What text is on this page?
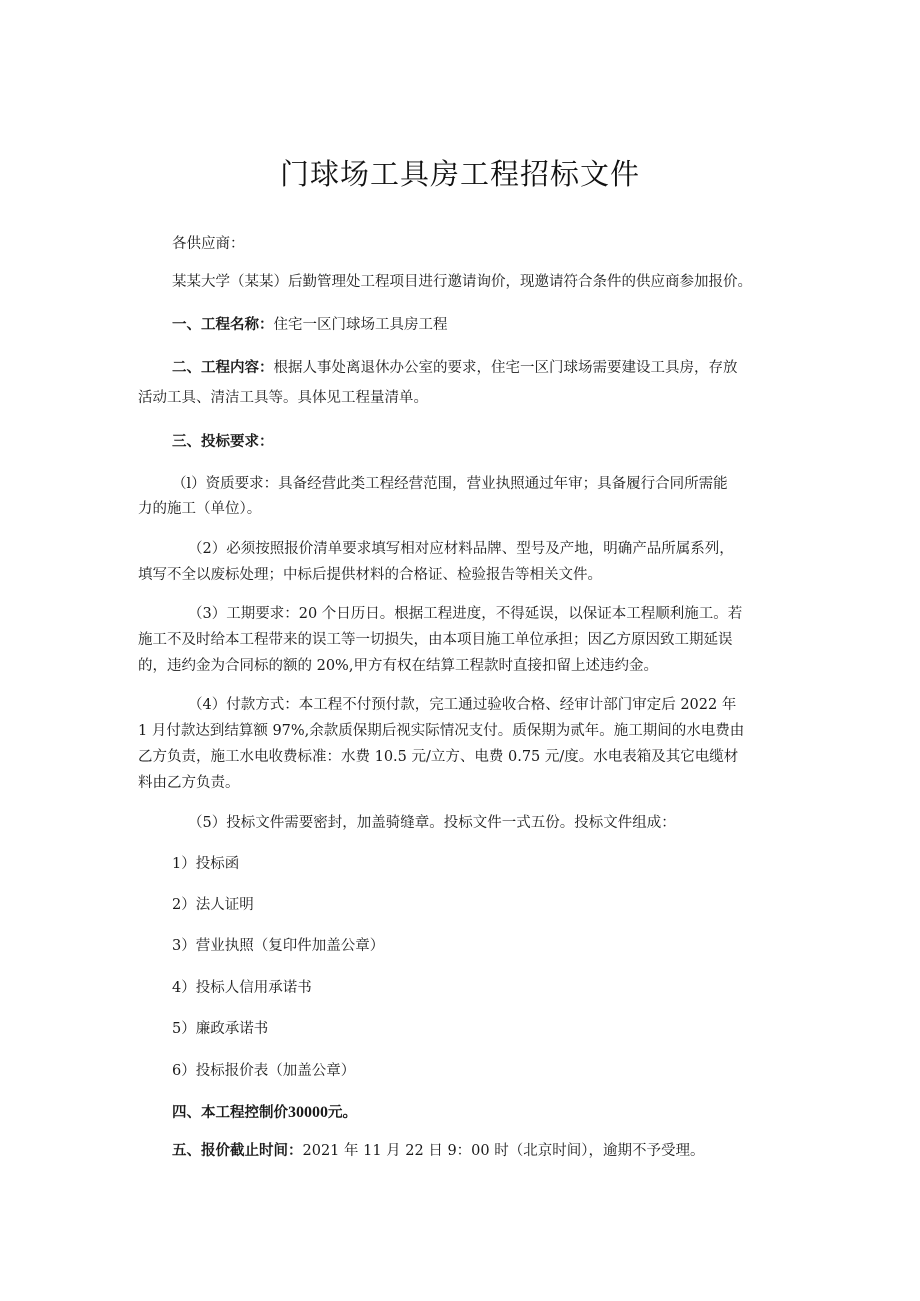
门球场工具房工程招标文件

各供应商：

某某大学（某某）后勤管理处工程项目进行邀请询价，现邀请符合条件的供应商参加报价。

一、工程名称：住宅一区门球场工具房工程

二、工程内容：根据人事处离退休办公室的要求，住宅一区门球场需要建设工具房，存放

活动工具、清洁工具等。具体见工程量清单。

三、投标要求：

（l）资质要求：具备经营此类工程经营范围，营业执照通过年审；具备履行合同所需能

力的施工（单位）。

（2）必须按照报价清单要求填写相对应材料品牌、型号及产地，明确产品所属系列，

填写不全以废标处理；中标后提供材料的合格证、检验报告等相关文件。

（3）工期要求：20 个日历日。根据工程进度，不得延误，以保证本工程顺利施工。若

施工不及时给本工程带来的误工等一切损失，由本项目施工单位承担；因乙方原因致工期延误

的，违约金为合同标的额的 20%,甲方有权在结算工程款时直接扣留上述违约金。

（4）付款方式：本工程不付预付款，完工通过验收合格、经审计部门审定后 2022 年

1 月付款达到结算额 97%,余款质保期后视实际情况支付。质保期为贰年。施工期间的水电费由

乙方负责，施工水电收费标准：水费 10.5 元/立方、电费 0.75 元/度。水电表箱及其它电缆材

料由乙方负责。

（5）投标文件需要密封，加盖骑缝章。投标文件一式五份。投标文件组成：

1）投标函

2）法人证明

3）营业执照（复印件加盖公章）

4）投标人信用承诺书

5）廉政承诺书

6）投标报价表（加盖公章）

四、本工程控制价30000元。

五、报价截止时间：2021 年 11 月 22 日 9：00 时（北京时间），逾期不予受理。
